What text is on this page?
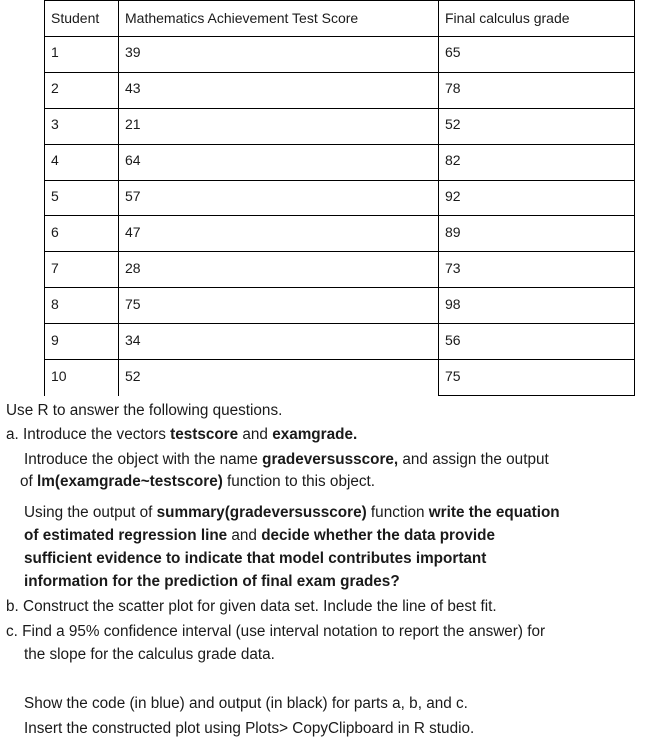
Student	Mathematics Achievement Test Score	Final calculus grade
1	39	65
2	43	78
3	21	52
4	64	82
5	57	92
6	47	89
7	28	73
8	75	98
9	34	56
10	52	75
Use R to answer the following questions.
a. Introduce the vectors testscore and examgrade.
Introduce the object with the name gradeversusscore, and assign the output
of lm(examgrade~testscore) function to this object.
Using the output of summary(gradeversusscore) function write the equation
of estimated regression line and decide whether the data provide
sufficient evidence to indicate that model contributes important
information for the prediction of final exam grades?
b. Construct the scatter plot for given data set. Include the line of best fit.
c. Find a 95% confidence interval (use interval notation to report the answer) for
the slope for the calculus grade data.
Show the code (in blue) and output (in black) for parts a, b, and c.
Insert the constructed plot using Plots> CopyClipboard in R studio.
